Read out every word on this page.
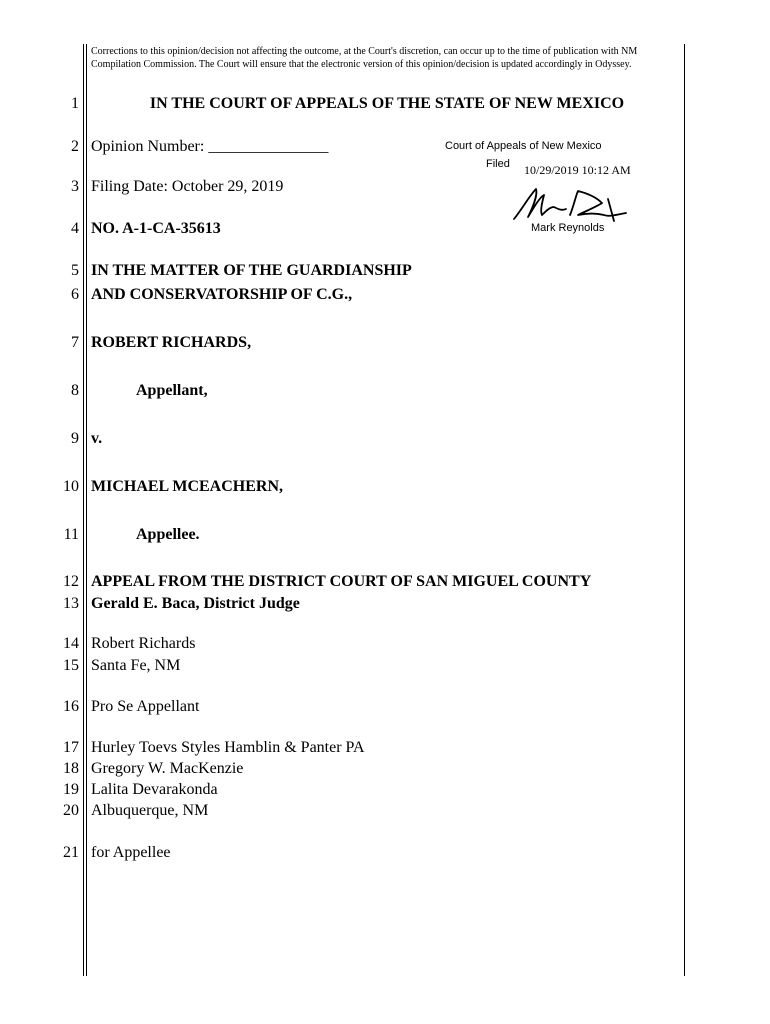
Corrections to this opinion/decision not affecting the outcome, at the Court's discretion, can occur up to the time of publication with NM Compilation Commission. The Court will ensure that the electronic version of this opinion/decision is updated accordingly in Odyssey.
1
2
3
4
5
6
7
8
9
10
11
12
13
14
15
16
17
18
19
20
21
IN THE COURT OF APPEALS OF THE STATE OF NEW MEXICO
Opinion Number: _______________
Filing Date: October 29, 2019
NO. A-1-CA-35613
IN THE MATTER OF THE GUARDIANSHIP
AND CONSERVATORSHIP OF C.G.,
ROBERT RICHARDS,
Appellant,
v.
MICHAEL MCEACHERN,
Appellee.
APPEAL FROM THE DISTRICT COURT OF SAN MIGUEL COUNTY
Gerald E. Baca, District Judge
Robert Richards
Santa Fe, NM
Pro Se Appellant
Hurley Toevs Styles Hamblin & Panter PA
Gregory W. MacKenzie
Lalita Devarakonda
Albuquerque, NM
for Appellee
Court of Appeals of New Mexico
Filed 10/29/2019 10:12 AM
Mark Reynolds
